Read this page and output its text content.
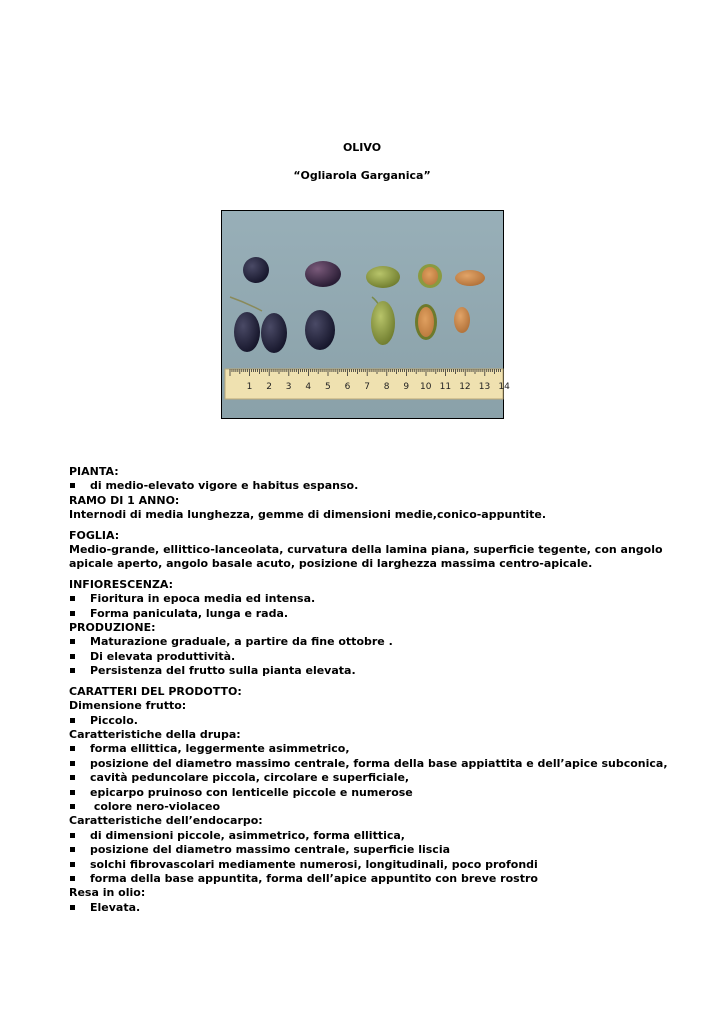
OLIVO
“Ogliarola Garganica”
1 2 3 4 5 6 7 8 9 10 11 12 13 14
PIANTA:
di medio-elevato vigore e habitus espanso.
RAMO DI 1 ANNO:
Internodi di media lunghezza, gemme di dimensioni medie,conico-appuntite.
FOGLIA:
Medio-grande, ellittico-lanceolata, curvatura della lamina piana, superficie tegente, con angolo apicale aperto, angolo basale acuto, posizione di larghezza massima centro-apicale.
INFIORESCENZA:
Fioritura in epoca media ed intensa.
Forma paniculata, lunga e rada.
PRODUZIONE:
Maturazione graduale, a partire da fine ottobre .
Di elevata produttività.
Persistenza del frutto sulla pianta elevata.
CARATTERI DEL PRODOTTO:
Dimensione frutto:
Piccolo.
Caratteristiche della drupa:
forma ellittica, leggermente asimmetrico,
posizione del diametro massimo centrale, forma della base appiattita e dell’apice subconica,
cavità peduncolare piccola, circolare e superficiale,
epicarpo pruinoso con lenticelle piccole e numerose
colore nero-violaceo
Caratteristiche dell’endocarpo:
di dimensioni piccole, asimmetrico, forma ellittica,
posizione del diametro massimo centrale, superficie liscia
solchi fibrovascolari mediamente numerosi, longitudinali, poco profondi
forma della base appuntita, forma dell’apice appuntito con breve rostro
Resa in olio:
Elevata.
